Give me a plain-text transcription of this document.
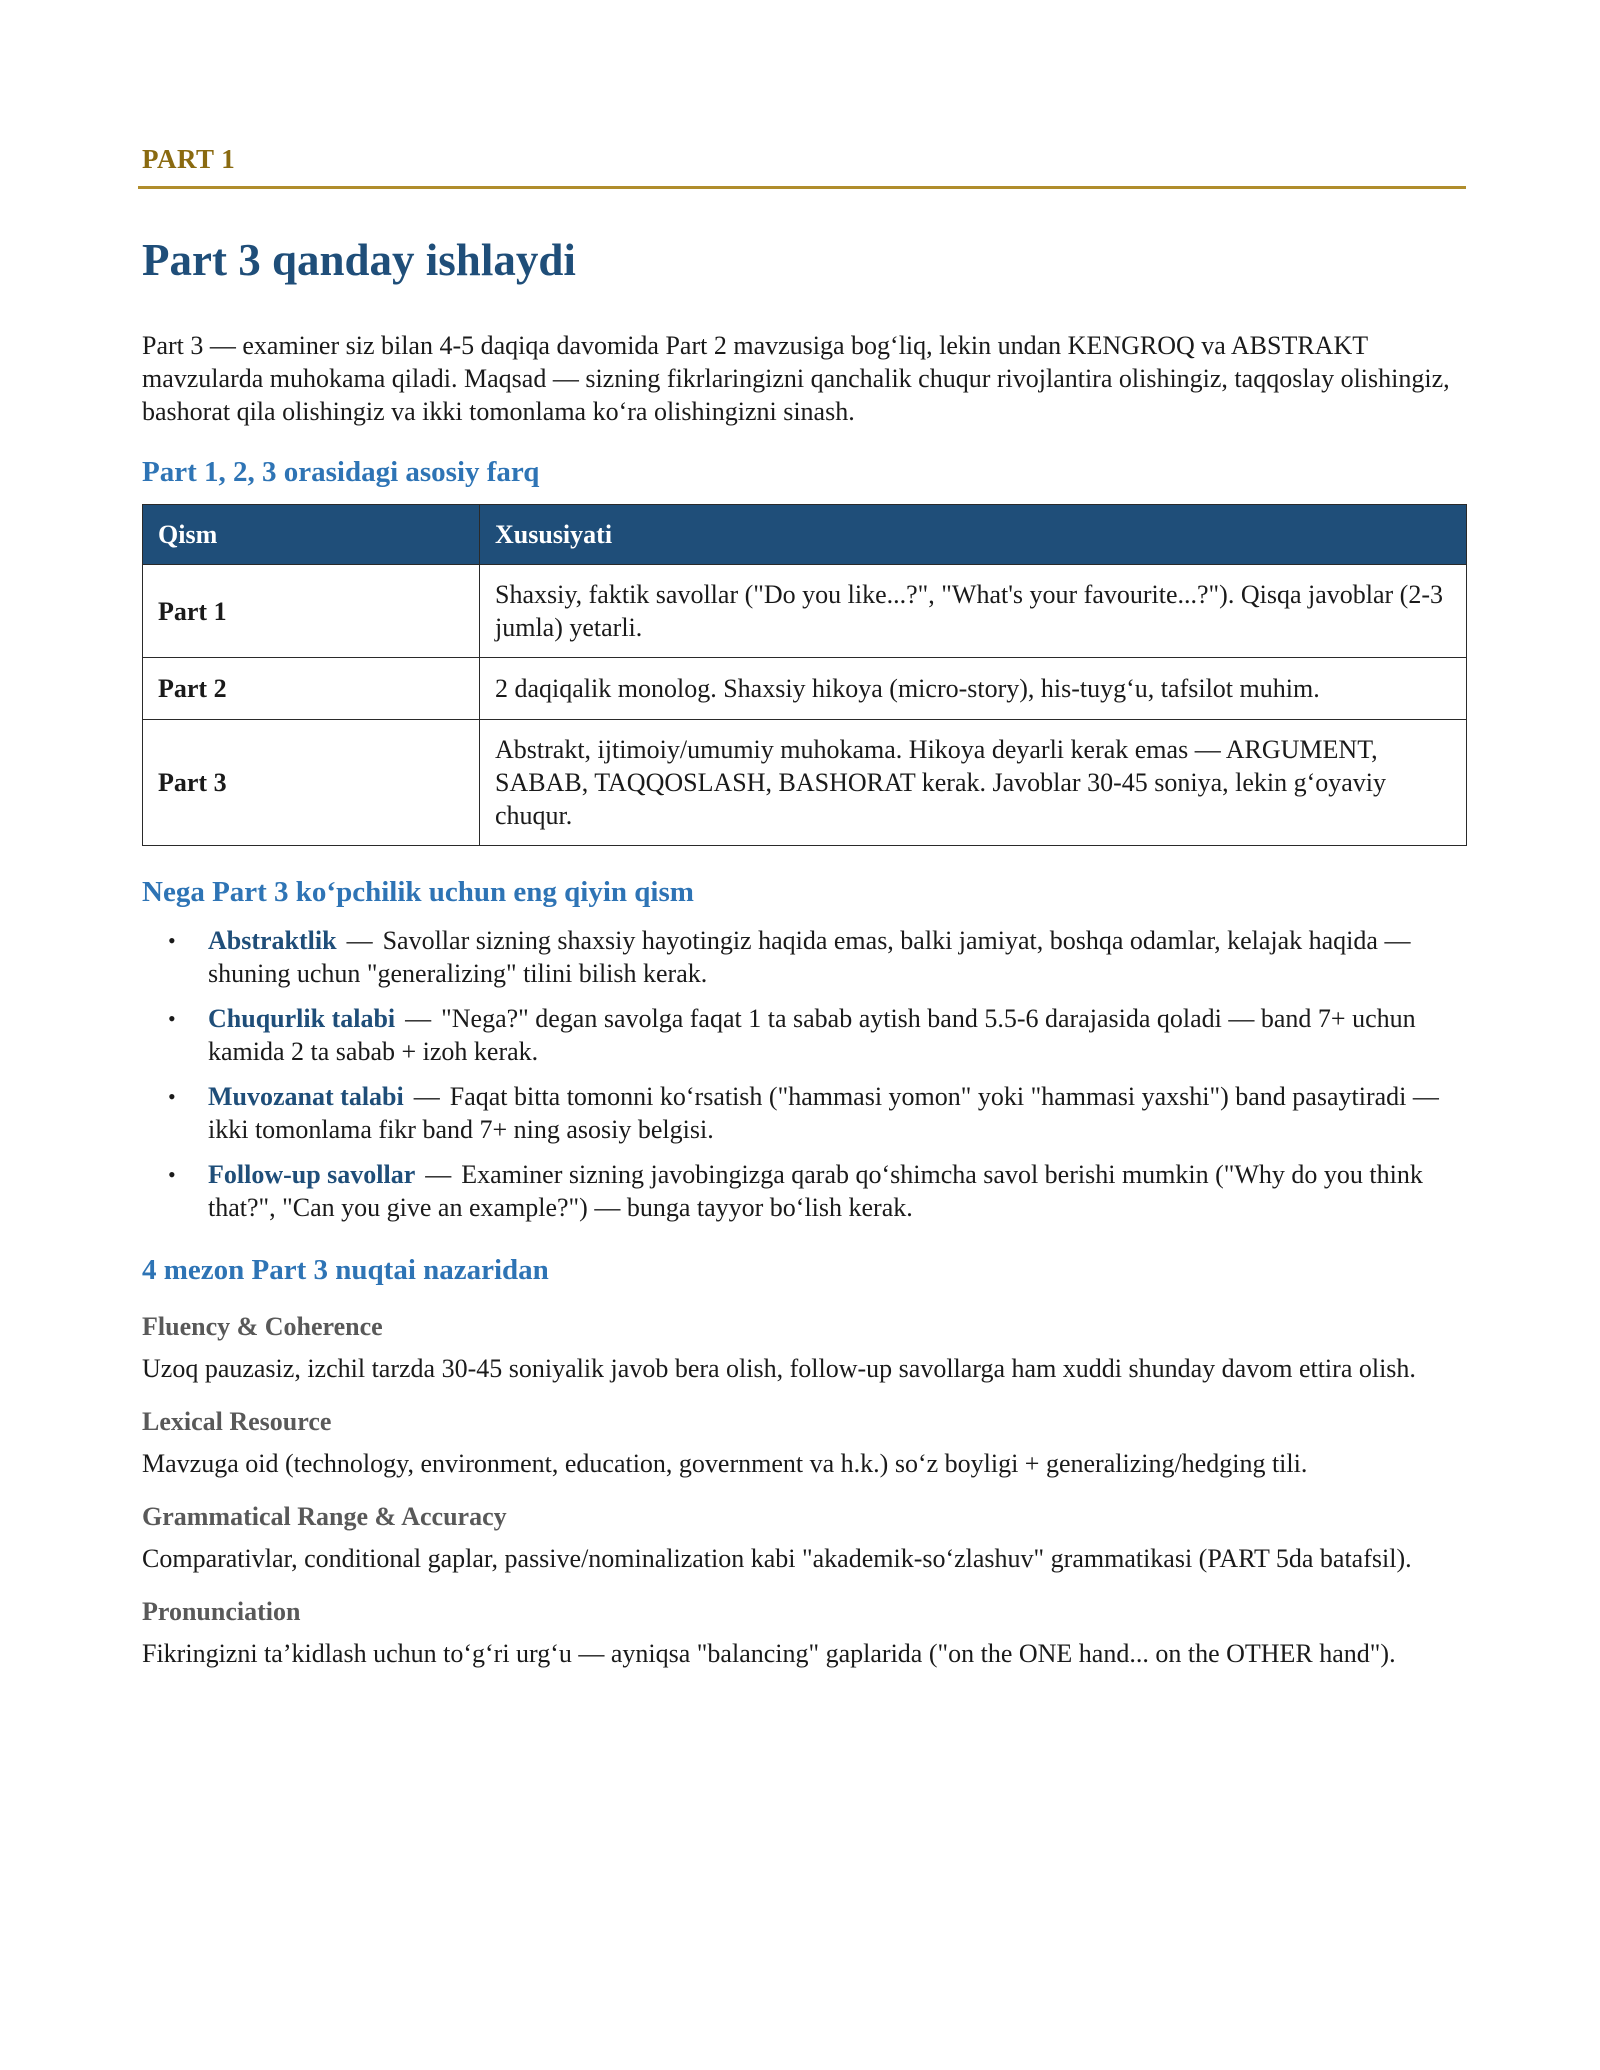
PART 1

Part 3 qanday ishlaydi

Part 3 — examiner siz bilan 4-5 daqiqa davomida Part 2 mavzusiga bog‘liq, lekin undan KENGROQ va ABSTRAKT mavzularda muhokama qiladi. Maqsad — sizning fikrlaringizni qanchalik chuqur rivojlantira olishingiz, taqqoslay olishingiz, bashorat qila olishingiz va ikki tomonlama ko‘ra olishingizni sinash.

Part 1, 2, 3 orasidagi asosiy farq
Qism	Xususiyati
Part 1	Shaxsiy, faktik savollar ("Do you like...?", "What's your favourite...?"). Qisqa javoblar (2-3 jumla) yetarli.
Part 2	2 daqiqalik monolog. Shaxsiy hikoya (micro-story), his-tuyg‘u, tafsilot muhim.
Part 3	Abstrakt, ijtimoiy/umumiy muhokama. Hikoya deyarli kerak emas — ARGUMENT, SABAB, TAQQOSLASH, BASHORAT kerak. Javoblar 30-45 soniya, lekin g‘oyaviy chuqur.
Nega Part 3 ko‘pchilik uchun eng qiyin qism
• Abstraktlik — Savollar sizning shaxsiy hayotingiz haqida emas, balki jamiyat, boshqa odamlar, kelajak haqida — shuning uchun "generalizing" tilini bilish kerak.
• Chuqurlik talabi — "Nega?" degan savolga faqat 1 ta sabab aytish band 5.5-6 darajasida qoladi — band 7+ uchun kamida 2 ta sabab + izoh kerak.
• Muvozanat talabi — Faqat bitta tomonni ko‘rsatish ("hammasi yomon" yoki "hammasi yaxshi") band pasaytiradi — ikki tomonlama fikr band 7+ ning asosiy belgisi.
• Follow-up savollar — Examiner sizning javobingizga qarab qo‘shimcha savol berishi mumkin ("Why do you think that?", "Can you give an example?") — bunga tayyor bo‘lish kerak.
4 mezon Part 3 nuqtai nazaridan
Fluency & Coherence

Uzoq pauzasiz, izchil tarzda 30-45 soniyalik javob bera olish, follow-up savollarga ham xuddi shunday davom ettira olish.

Lexical Resource

Mavzuga oid (technology, environment, education, government va h.k.) so‘z boyligi + generalizing/hedging tili.

Grammatical Range & Accuracy

Comparativlar, conditional gaplar, passive/nominalization kabi "akademik-so‘zlashuv" grammatikasi (PART 5da batafsil).

Pronunciation

Fikringizni ta’kidlash uchun to‘g‘ri urg‘u — ayniqsa "balancing" gaplarida ("on the ONE hand... on the OTHER hand").
